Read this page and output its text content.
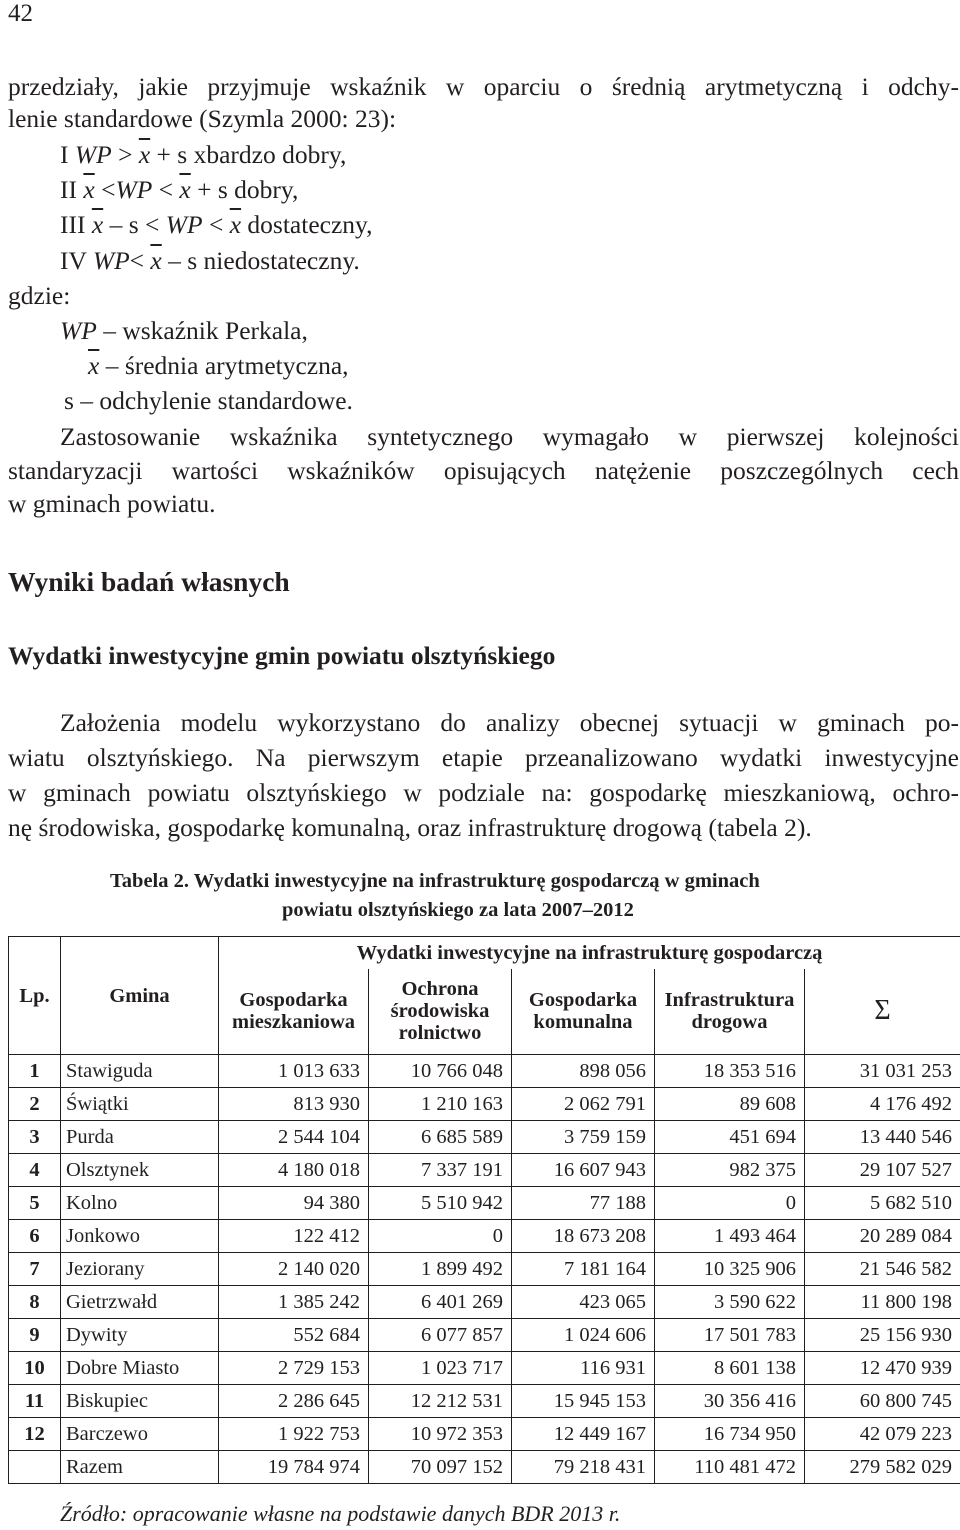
42
przedziały, jakie przyjmuje wskaźnik w oparciu o średnią arytmetyczną i odchy-
lenie standardowe (Szymla 2000: 23):
I WP > $\overline{x} + s$ xbardzo dobry,
II $\overline{x} <WP < \overline{x} + s$ dobry,
III $\overline{x}$ – s < WP < $\overline{x}$ dostateczny,
IV $WP< \overline{x} - s$ niedostateczny.
gdzie:
WP – wskaźnik Perkala,
$\overline{x}$ – średnia arytmetyczna,
s – odchylenie standardowe.
Zastosowanie wskaźnika syntetycznego wymagało w pierwszej kolejności
standaryzacji wartości wskaźników opisujących natężenie poszczególnych cech
w gminach powiatu.
Wyniki badań własnych
Wydatki inwestycyjne gmin powiatu olsztyńskiego
Założenia modelu wykorzystano do analizy obecnej sytuacji w gminach po-
wiatu olsztyńskiego. Na pierwszym etapie przeanalizowano wydatki inwestycyjne
w gminach powiatu olsztyńskiego w podziale na: gospodarkę mieszkaniową, ochro-
nę środowiska, gospodarkę komunalną, oraz infrastrukturę drogową (tabela 2).
Tabela 2. Wydatki inwestycyjne na infrastrukturę gospodarczą w gminach
powiatu olsztyńskiego za lata 2007–2012
Lp.	Gmina	Wydatki inwestycyjne na infrastrukturę gospodarczą				
		Gospodarka
mieszkaniowa	Ochrona
środowiska
rolnictwo	Gospodarka
komunalna	Infrastruktura
drogowa	Σ
1	Stawiguda	1 013 633	10 766 048	898 056	18 353 516	31 031 253
2	Świątki	813 930	1 210 163	2 062 791	89 608	4 176 492
3	Purda	2 544 104	6 685 589	3 759 159	451 694	13 440 546
4	Olsztynek	4 180 018	7 337 191	16 607 943	982 375	29 107 527
5	Kolno	94 380	5 510 942	77 188	0	5 682 510
6	Jonkowo	122 412	0	18 673 208	1 493 464	20 289 084
7	Jeziorany	2 140 020	1 899 492	7 181 164	10 325 906	21 546 582
8	Gietrzwałd	1 385 242	6 401 269	423 065	3 590 622	11 800 198
9	Dywity	552 684	6 077 857	1 024 606	17 501 783	25 156 930
10	Dobre Miasto	2 729 153	1 023 717	116 931	8 601 138	12 470 939
11	Biskupiec	2 286 645	12 212 531	15 945 153	30 356 416	60 800 745
12	Barczewo	1 922 753	10 972 353	12 449 167	16 734 950	42 079 223
	Razem	19 784 974	70 097 152	79 218 431	110 481 472	279 582 029
Źródło: opracowanie własne na podstawie danych BDR 2013 r.
